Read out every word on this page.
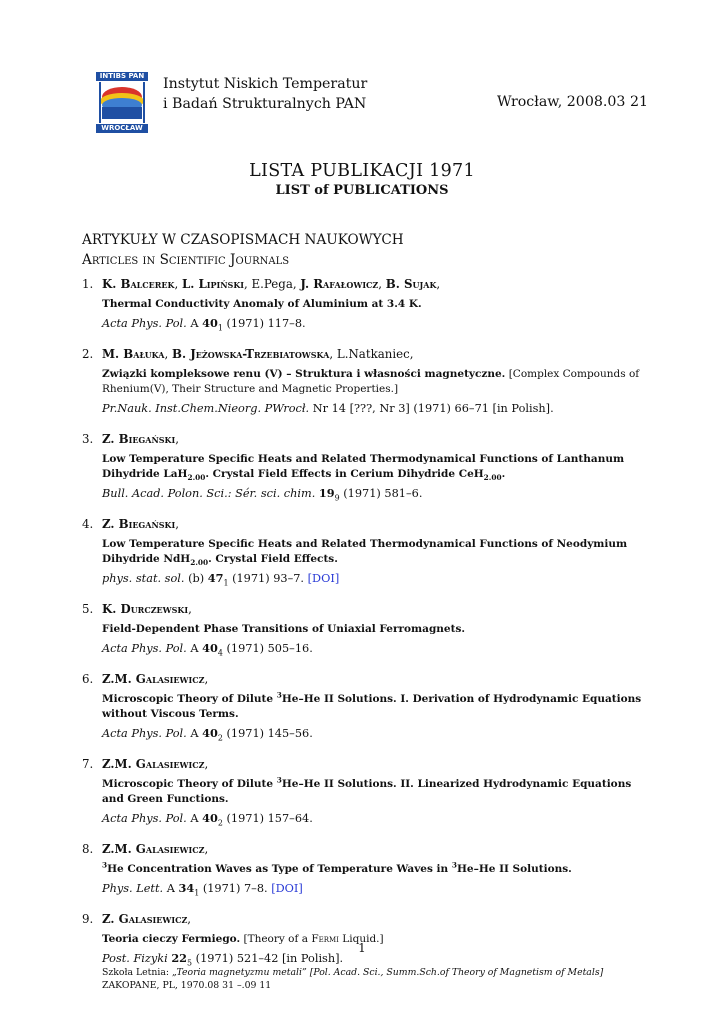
INTIBS PAN
WROCŁAW
Instytut Niskich Temperatur
i Badań Strukturalnych PAN	Wrocław, 2008.03 21
LISTA PUBLIKACJI 1971
LIST of PUBLICATIONS
ARTYKUŁY W CZASOPISMACH NAUKOWYCH
Articles in Scientific Journals
1. K. Balcerek, L. Lipiński, E.Pega, J. Rafałowicz, B. Sujak,
Thermal Conductivity Anomaly of Aluminium at 3.4 K.
Acta Phys. Pol. A $40_1$ (1971) 117–8.
2. M. Bałuka, B. Jeżowska-Trzebiatowska, L.Natkaniec,
Związki kompleksowe renu (V) – Struktura i własności magnetyczne. [Complex Compounds of Rhenium(V), Their Structure and Magnetic Properties.]
Pr.Nauk. Inst.Chem.Nieorg. PWrocł. Nr 14 [???, Nr 3] (1971) 66–71 [in Polish].
3. Z. Biegański,
Low Temperature Specific Heats and Related Thermodynamical Functions of Lanthanum Dihydride LaH$_{2.00}$. Crystal Field Effects in Cerium Dihydride CeH$_{2.00}$.
Bull. Acad. Polon. Sci.: Sér. sci. chim. $19_9$ (1971) 581–6.
4. Z. Biegański,
Low Temperature Specific Heats and Related Thermodynamical Functions of Neodymium Dihydride NdH$_{2.00}$. Crystal Field Effects.
phys. stat. sol. (b) $47_1$ (1971) 93–7. [DOI]
5. K. Durczewski,
Field-Dependent Phase Transitions of Uniaxial Ferromagnets.
Acta Phys. Pol. A $40_4$ (1971) 505–16.
6. Z.M. Galasiewicz,
Microscopic Theory of Dilute $^3$He–He II Solutions. I. Derivation of Hydrodynamic Equations without Viscous Terms.
Acta Phys. Pol. A $40_2$ (1971) 145–56.
7. Z.M. Galasiewicz,
Microscopic Theory of Dilute $^3$He–He II Solutions. II. Linearized Hydrodynamic Equations and Green Functions.
Acta Phys. Pol. A $40_2$ (1971) 157–64.
8. Z.M. Galasiewicz,
$^3$He Concentration Waves as Type of Temperature Waves in $^3$He–He II Solutions.
Phys. Lett. A $34_1$ (1971) 7–8. [DOI]
9. Z. Galasiewicz,
Teoria cieczy Fermiego. [Theory of a Fermi Liquid.]
Post. Fizyki $22_5$ (1971) 521–42 [in Polish].
Szkoła Letnia: „Teoria magnetyzmu metali” [Pol. Acad. Sci., Summ.Sch.of Theory of Magnetism of Metals]
ZAKOPANE, PL, 1970.08 31 –.09 11
1
